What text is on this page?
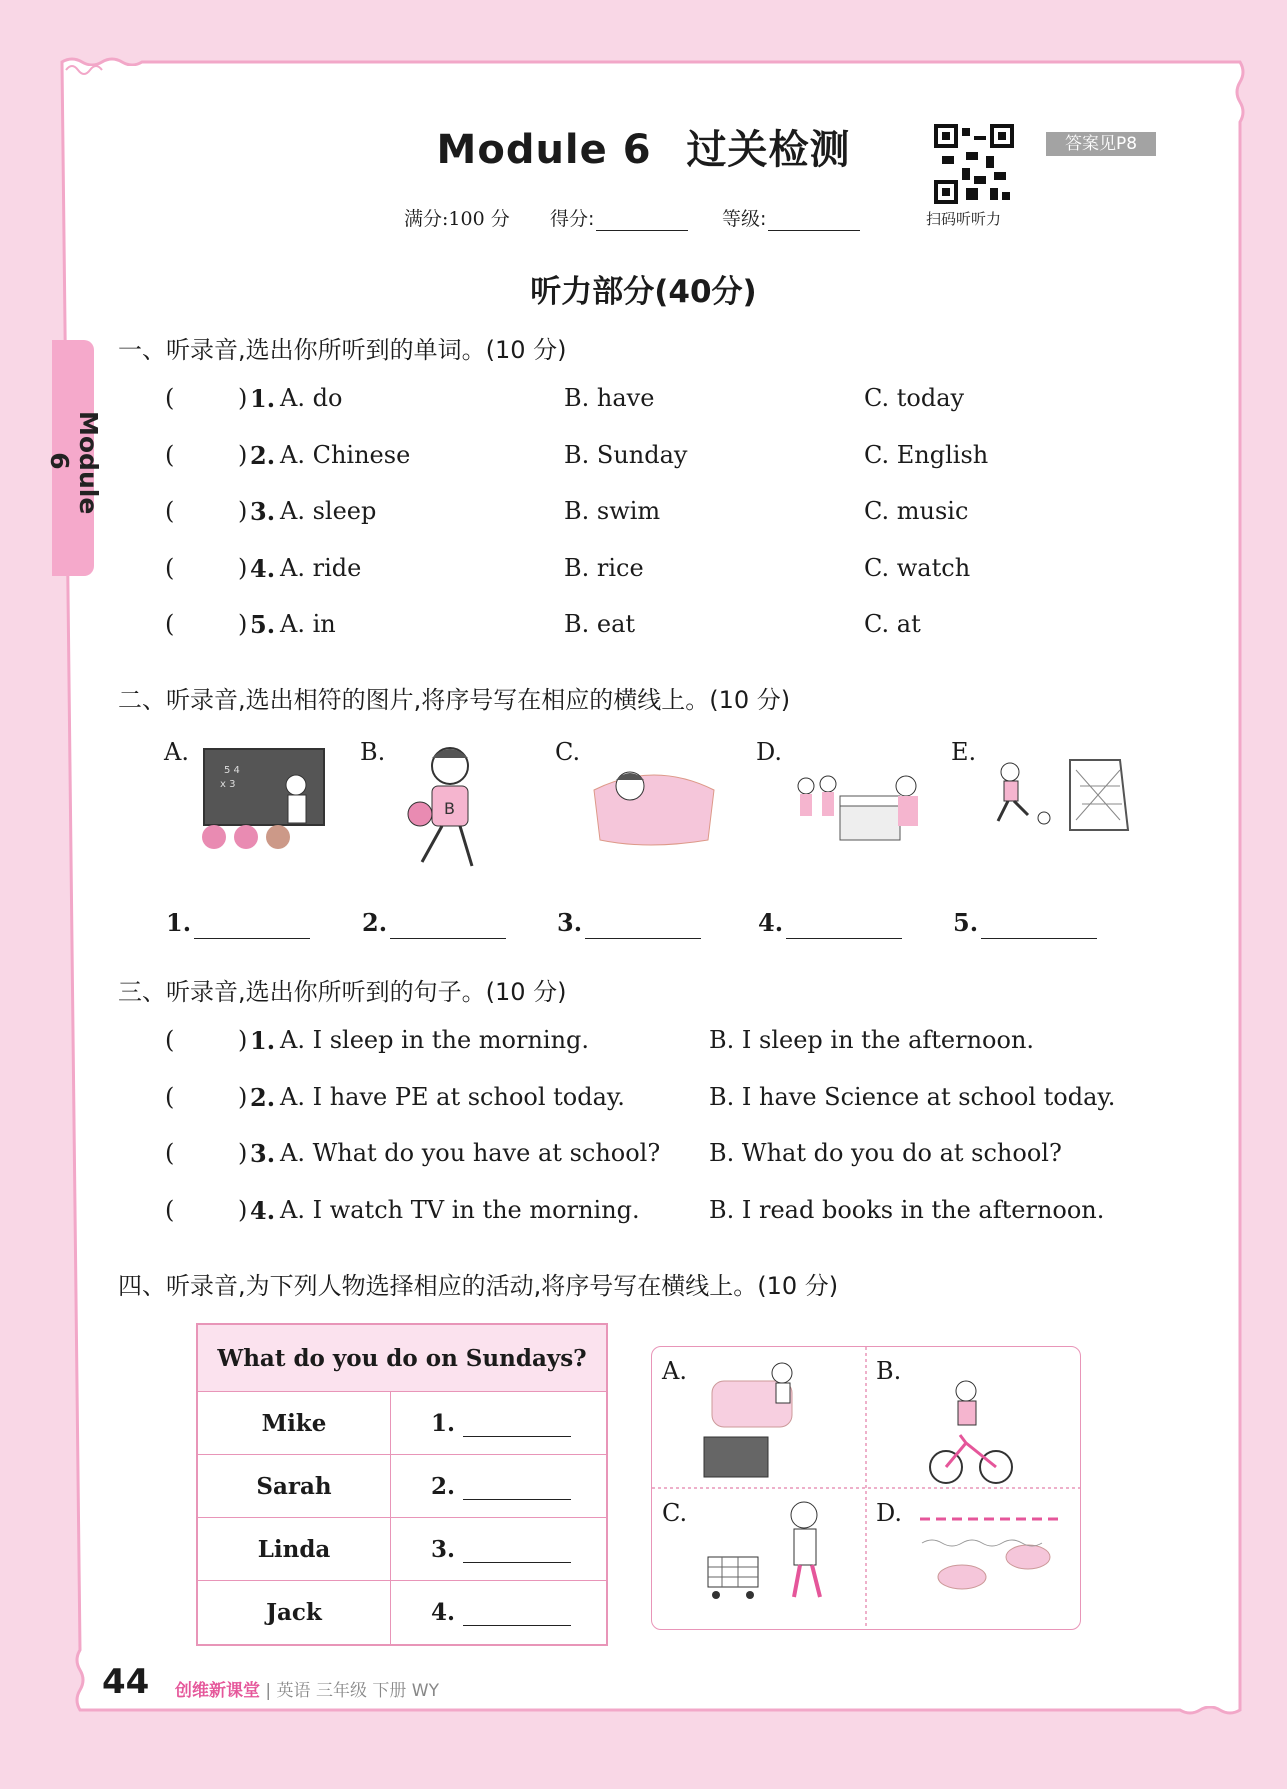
Module 6
Module 6 过关检测
满分:100 分 得分:	等级:	扫码听听力
答案见P8
听力部分(40分)
一、听录音,选出你所听到的单词。(10 分)
(	) 1. A. do	B. have	C. today
(	) 2. A. Chinese	B. Sunday	C. English
(	) 3. A. sleep	B. swim	C. music
(	) 4. A. ride	B. rice	C. watch
(	) 5. A. in	B. eat	C. at
二、听录音,选出相符的图片,将序号写在相应的横线上。(10 分)
A.	B.	C.	D.	E.
5 4
x 3
B
1.	2.	3.	4.	5.
三、听录音,选出你所听到的句子。(10 分)
(	) 1. A. I sleep in the morning.	B. I sleep in the afternoon.
(	) 2. A. I have PE at school today.	B. I have Science at school today.
(	) 3. A. What do you have at school? B. What do you do at school?
(	) 4. A. I watch TV in the morning.	B. I read books in the afternoon.
四、听录音,为下列人物选择相应的活动,将序号写在横线上。(10 分)
What do you do on Sundays?	
Mike	1.
Sarah	2.
Linda	3.
Jack	4.
A.	B.
C.	D.
44 创维新课堂 | 英语 三年级 下册 WY
